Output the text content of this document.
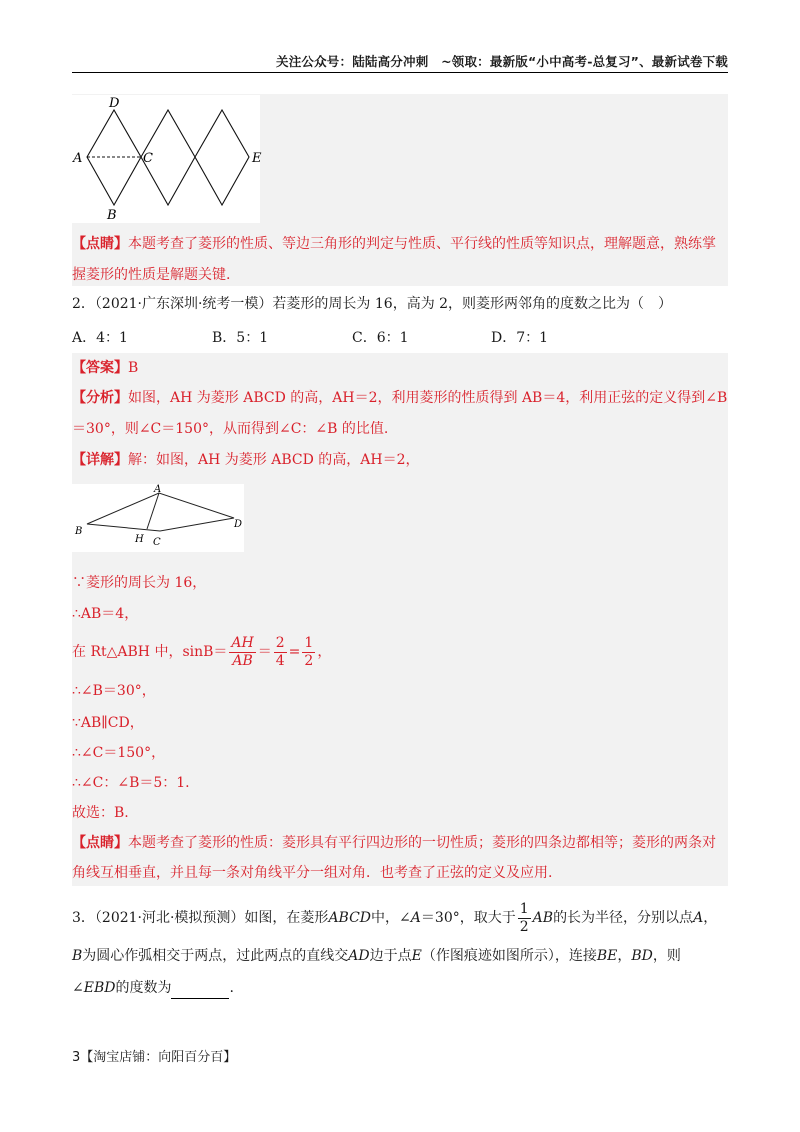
关注公众号：陆陆高分冲刺　~领取：最新版“小中高考-总复习”、最新试卷下载
D
A	C	E
B
【点睛】本题考查了菱形的性质、等边三角形的判定与性质、平行线的性质等知识点，理解题意，熟练掌
握菱形的性质是解题关键.
2．（2021·广东深圳·统考一模）若菱形的周长为 16，高为 2，则菱形两邻角的度数之比为（　）
A．4：1	B．5：1	C．6：1	D．7：1
【答案】B
【分析】如图，AH 为菱形 ABCD 的高，AH＝2，利用菱形的性质得到 AB＝4，利用正弦的定义得到∠B
＝30°，则∠C＝150°，从而得到∠C：∠B 的比值.
【详解】解：如图，AH 为菱形 ABCD 的高，AH＝2，
A
B
H C
D
∵菱形的周长为 16，
∴AB＝4，
在 Rt△ABH 中，$\sin B= \frac{AH}{AB} = \frac{2}{4} = \frac{1}{2}$ ，
∴∠B＝30°，
∵AB∥CD，
∴∠C＝150°，
∴∠C：∠B＝5：1.
故选：B.
【点睛】本题考查了菱形的性质：菱形具有平行四边形的一切性质；菱形的四条边都相等；菱形的两条对
角线互相垂直，并且每一条对角线平分一组对角．也考查了正弦的定义及应用.
3．（2021·河北·模拟预测）如图，在菱形ABCD中，∠A＝30°，取大于 $\frac{1}{2}$ AB的长为半径，分别以点A，
B为圆心作弧相交于两点，过此两点的直线交AD边于点E（作图痕迹如图所示），连接BE，BD，则
∠EBD的度数为	.
3【淘宝店铺：向阳百分百】
